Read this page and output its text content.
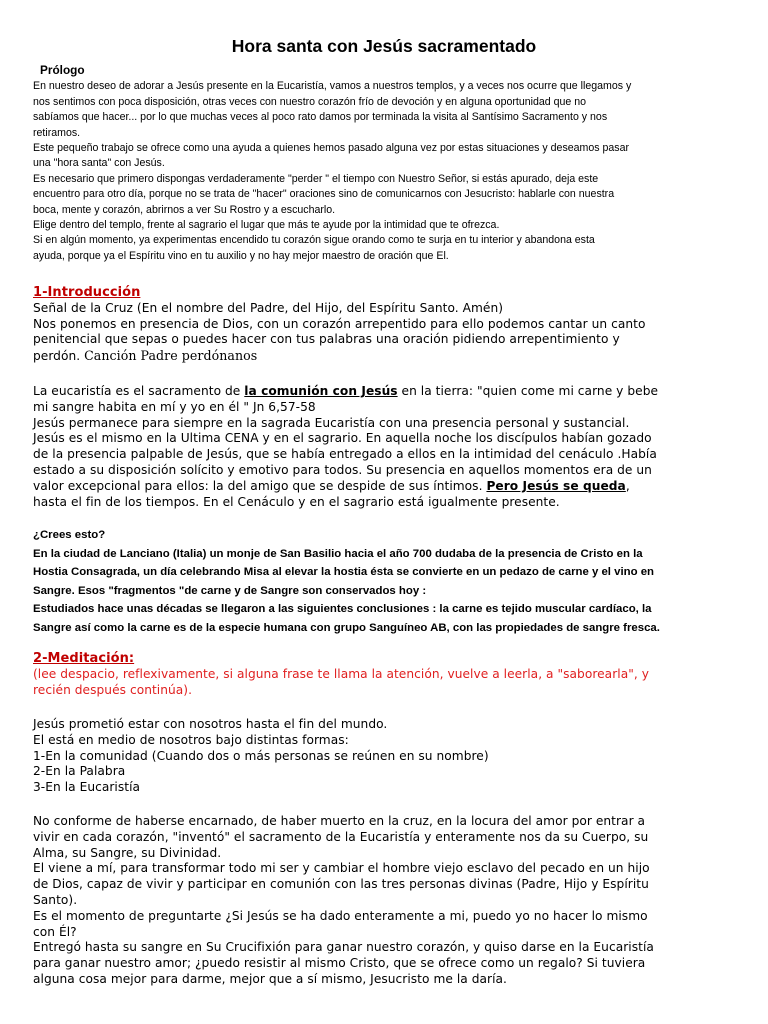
Hora santa con Jesús sacramentado

Prólogo

En nuestro deseo de adorar a Jesús presente en la Eucaristía, vamos a nuestros templos, y a veces nos ocurre que llegamos y

nos sentimos con poca disposición, otras veces con nuestro corazón frío de devoción y en alguna oportunidad que no

sabíamos que hacer... por lo que muchas veces al poco rato damos por terminada la visita al Santísimo Sacramento y nos

retiramos.

Este pequeño trabajo se ofrece como una ayuda a quienes hemos pasado alguna vez por estas situaciones y deseamos pasar

una "hora santa" con Jesús.

Es necesario que primero dispongas verdaderamente "perder " el tiempo con Nuestro Señor, si estás apurado, deja este

encuentro para otro día, porque no se trata de "hacer" oraciones sino de comunicarnos con Jesucristo: hablarle con nuestra

boca, mente y corazón, abrirnos a ver Su Rostro y a escucharlo.

Elige dentro del templo, frente al sagrario el lugar que más te ayude por la intimidad que te ofrezca.

Si en algún momento, ya experimentas encendido tu corazón sigue orando como te surja en tu interior y abandona esta

ayuda, porque ya el Espíritu vino en tu auxilio y no hay mejor maestro de oración que El.

1-Introducción

Señal de la Cruz (En el nombre del Padre, del Hijo, del Espíritu Santo. Amén)

Nos ponemos en presencia de Dios, con un corazón arrepentido para ello podemos cantar un canto

penitencial que sepas o puedes hacer con tus palabras una oración pidiendo arrepentimiento y

perdón. Canción Padre perdónanos

La eucaristía es el sacramento de la comunión con Jesús en la tierra: "quien come mi carne y bebe

mi sangre habita en mí y yo en él " Jn 6,57-58

Jesús permanece para siempre en la sagrada Eucaristía con una presencia personal y sustancial.

Jesús es el mismo en la Ultima CENA y en el sagrario. En aquella noche los discípulos habían gozado

de la presencia palpable de Jesús, que se había entregado a ellos en la intimidad del cenáculo .Había

estado a su disposición solícito y emotivo para todos. Su presencia en aquellos momentos era de un

valor excepcional para ellos: la del amigo que se despide de sus íntimos. Pero Jesús se queda,

hasta el fin de los tiempos. En el Cenáculo y en el sagrario está igualmente presente.

¿Crees esto?

En la ciudad de Lanciano (Italia) un monje de San Basilio hacia el año 700 dudaba de la presencia de Cristo en la

Hostia Consagrada, un día celebrando Misa al elevar la hostia ésta se convierte en un pedazo de carne y el vino en

Sangre. Esos "fragmentos "de carne y de Sangre son conservados hoy :

Estudiados hace unas décadas se llegaron a las siguientes conclusiones : la carne es tejido muscular cardíaco, la

Sangre así como la carne es de la especie humana con grupo Sanguíneo AB, con las propiedades de sangre fresca.

2-Meditación:

(lee despacio, reflexivamente, si alguna frase te llama la atención, vuelve a leerla, a "saborearla", y

recién después continúa).

Jesús prometió estar con nosotros hasta el fin del mundo.

El está en medio de nosotros bajo distintas formas:

1-En la comunidad (Cuando dos o más personas se reúnen en su nombre)

2-En la Palabra

3-En la Eucaristía

No conforme de haberse encarnado, de haber muerto en la cruz, en la locura del amor por entrar a

vivir en cada corazón, "inventó" el sacramento de la Eucaristía y enteramente nos da su Cuerpo, su

Alma, su Sangre, su Divinidad.

El viene a mí, para transformar todo mi ser y cambiar el hombre viejo esclavo del pecado en un hijo

de Dios, capaz de vivir y participar en comunión con las tres personas divinas (Padre, Hijo y Espíritu

Santo).

Es el momento de preguntarte ¿Si Jesús se ha dado enteramente a mi, puedo yo no hacer lo mismo

con Él?

Entregó hasta su sangre en Su Crucifixión para ganar nuestro corazón, y quiso darse en la Eucaristía

para ganar nuestro amor; ¿puedo resistir al mismo Cristo, que se ofrece como un regalo? Si tuviera

alguna cosa mejor para darme, mejor que a sí mismo, Jesucristo me la daría.
